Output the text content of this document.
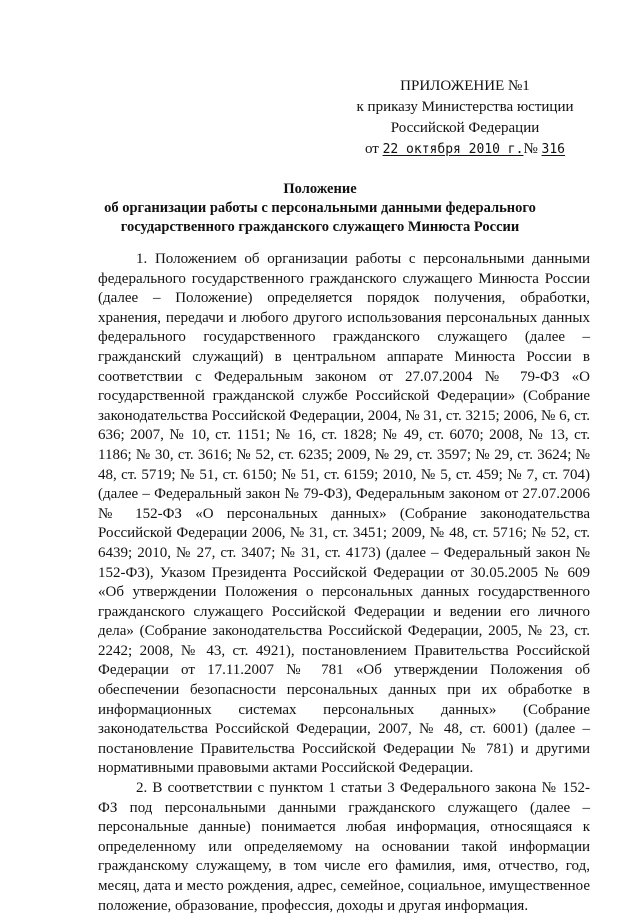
ПРИЛОЖЕНИЕ №1
к приказу Министерства юстиции
Российской Федерации
от 22 октября 2010 г.№ 316
Положение
об организации работы с персональными данными федерального
государственного гражданского служащего Минюста России

1. Положением об организации работы с персональными данными федерального государственного гражданского служащего Минюста России (далее – Положение) определяется порядок получения, обработки, хранения, передачи и любого другого использования персональных данных федерального государственного гражданского служащего (далее – гражданский служащий) в центральном аппарате Минюста России в соответствии с Федеральным законом от 27.07.2004 № 79-ФЗ «О государственной гражданской службе Российской Федерации» (Собрание законодательства Российской Федерации, 2004, № 31, ст. 3215; 2006, № 6, ст. 636; 2007, № 10, ст. 1151; № 16, ст. 1828; № 49, ст. 6070; 2008, № 13, ст. 1186; № 30, ст. 3616; № 52, ст. 6235; 2009, № 29, ст. 3597; № 29, ст. 3624; № 48, ст. 5719; № 51, ст. 6150; № 51, ст. 6159; 2010, № 5, ст. 459; № 7, ст. 704) (далее – Федеральный закон № 79-ФЗ), Федеральным законом от 27.07.2006 № 152-ФЗ «О персональных данных» (Собрание законодательства Российской Федерации 2006, № 31, ст. 3451; 2009, № 48, ст. 5716; № 52, ст. 6439; 2010, № 27, ст. 3407; № 31, ст. 4173) (далее – Федеральный закон № 152-ФЗ), Указом Президента Российской Федерации от 30.05.2005 № 609 «Об утверждении Положения о персональных данных государственного гражданского служащего Российской Федерации и ведении его личного дела» (Собрание законодательства Российской Федерации, 2005, № 23, ст. 2242; 2008, № 43, ст. 4921), постановлением Правительства Российской Федерации от 17.11.2007 № 781 «Об утверждении Положения об обеспечении безопасности персональных данных при их обработке в информационных системах персональных данных» (Собрание законодательства Российской Федерации, 2007, № 48, ст. 6001) (далее – постановление Правительства Российской Федерации № 781) и другими нормативными правовыми актами Российской Федерации.

2. В соответствии с пунктом 1 статьи 3 Федерального закона № 152-ФЗ под персональными данными гражданского служащего (далее – персональные данные) понимается любая информация, относящаяся к определенному или определяемому на основании такой информации гражданскому служащему, в том числе его фамилия, имя, отчество, год, месяц, дата и место рождения, адрес, семейное, социальное, имущественное положение, образование, профессия, доходы и другая информация.
